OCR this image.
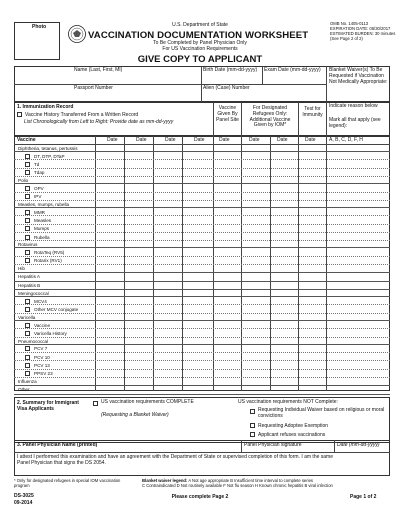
Photo	U.S. Department of State
VACCINATION DOCUMENTATION WORKSHEET
To Be Completed by Panel Physician Only
For US Vaccination Requirements
GIVE COPY TO APPLICANT
OMB No. 1405-0113
EXPIRATION DATE: 06/30/2017
ESTIMATED BURDEN: 30 minutes
(See Page 2 of 2)
Name (Last, First, MI)	Birth Date (mm-dd-yyyy) Exam Date (mm-dd-yyyy)
Passport Number	Alien (Case) Number
Blanket Waiver(s) To Be Requested if Vaccination Not Medically Appropriate:
1. Immunization Record
Vaccine History Transferred From a Written Record
List Chronologically from Left to Right: Provide date as mm-dd-yyyy
Vaccine Given By Panel Site
For Designated Refugees Only: Additional Vaccine Given by IOM*
Test for Immunity
Indicate reason below
Mark all that apply (see legend):
Vaccine	Date	Date	Date	Date	Date	Date	Date	Date	A, B, C, D, F, H
Diphtheria, tetanus, pertussis
DT, DTP, DTaP
Td
Tdap
Polio
OPV
IPV
Measles, mumps, rubella
MMR
Measles
Mumps
Rubella
Rotavirus
RotaTeq (RV5)
Rotarix (RV1)
Hib
Hepatitis A
Hepatitis B
Meningococcal
MCV4
Other MCV conjugate
Varicella
Vaccine
Varicella History
Pneumococcal
PCV 7
PCV 10
PCV 13
PPSV 23
Influenza
Other
2. Summary for Immigrant Visa Applicants
US vaccination requirements COMPLETE
(Requesting a Blanket Waiver)
US vaccination requirements NOT Complete:
Requesting Individual Waiver based on religious or moral convictions
Requesting Adoptee Exemption
Applicant refuses vaccinations
3. Panel Physician Name (printed)	Panel Physician signature	Date (mm-dd-yyyy)
I attest I performed this examination and have an agreement with the Department of State or supervised completion of this form. I am the same Panel Physician that signs the DS 2054.
* Only for designated refugees in special IOM vaccination program
Blanket waiver legend: A Not age appropriate B Insufficient time interval to complete series
C Contraindicated D Not routinely available F Not flu season H Known chronic hepatitis B viral infection
DS-3025
09-2014
Please complete Page 2	Page 1 of 2
